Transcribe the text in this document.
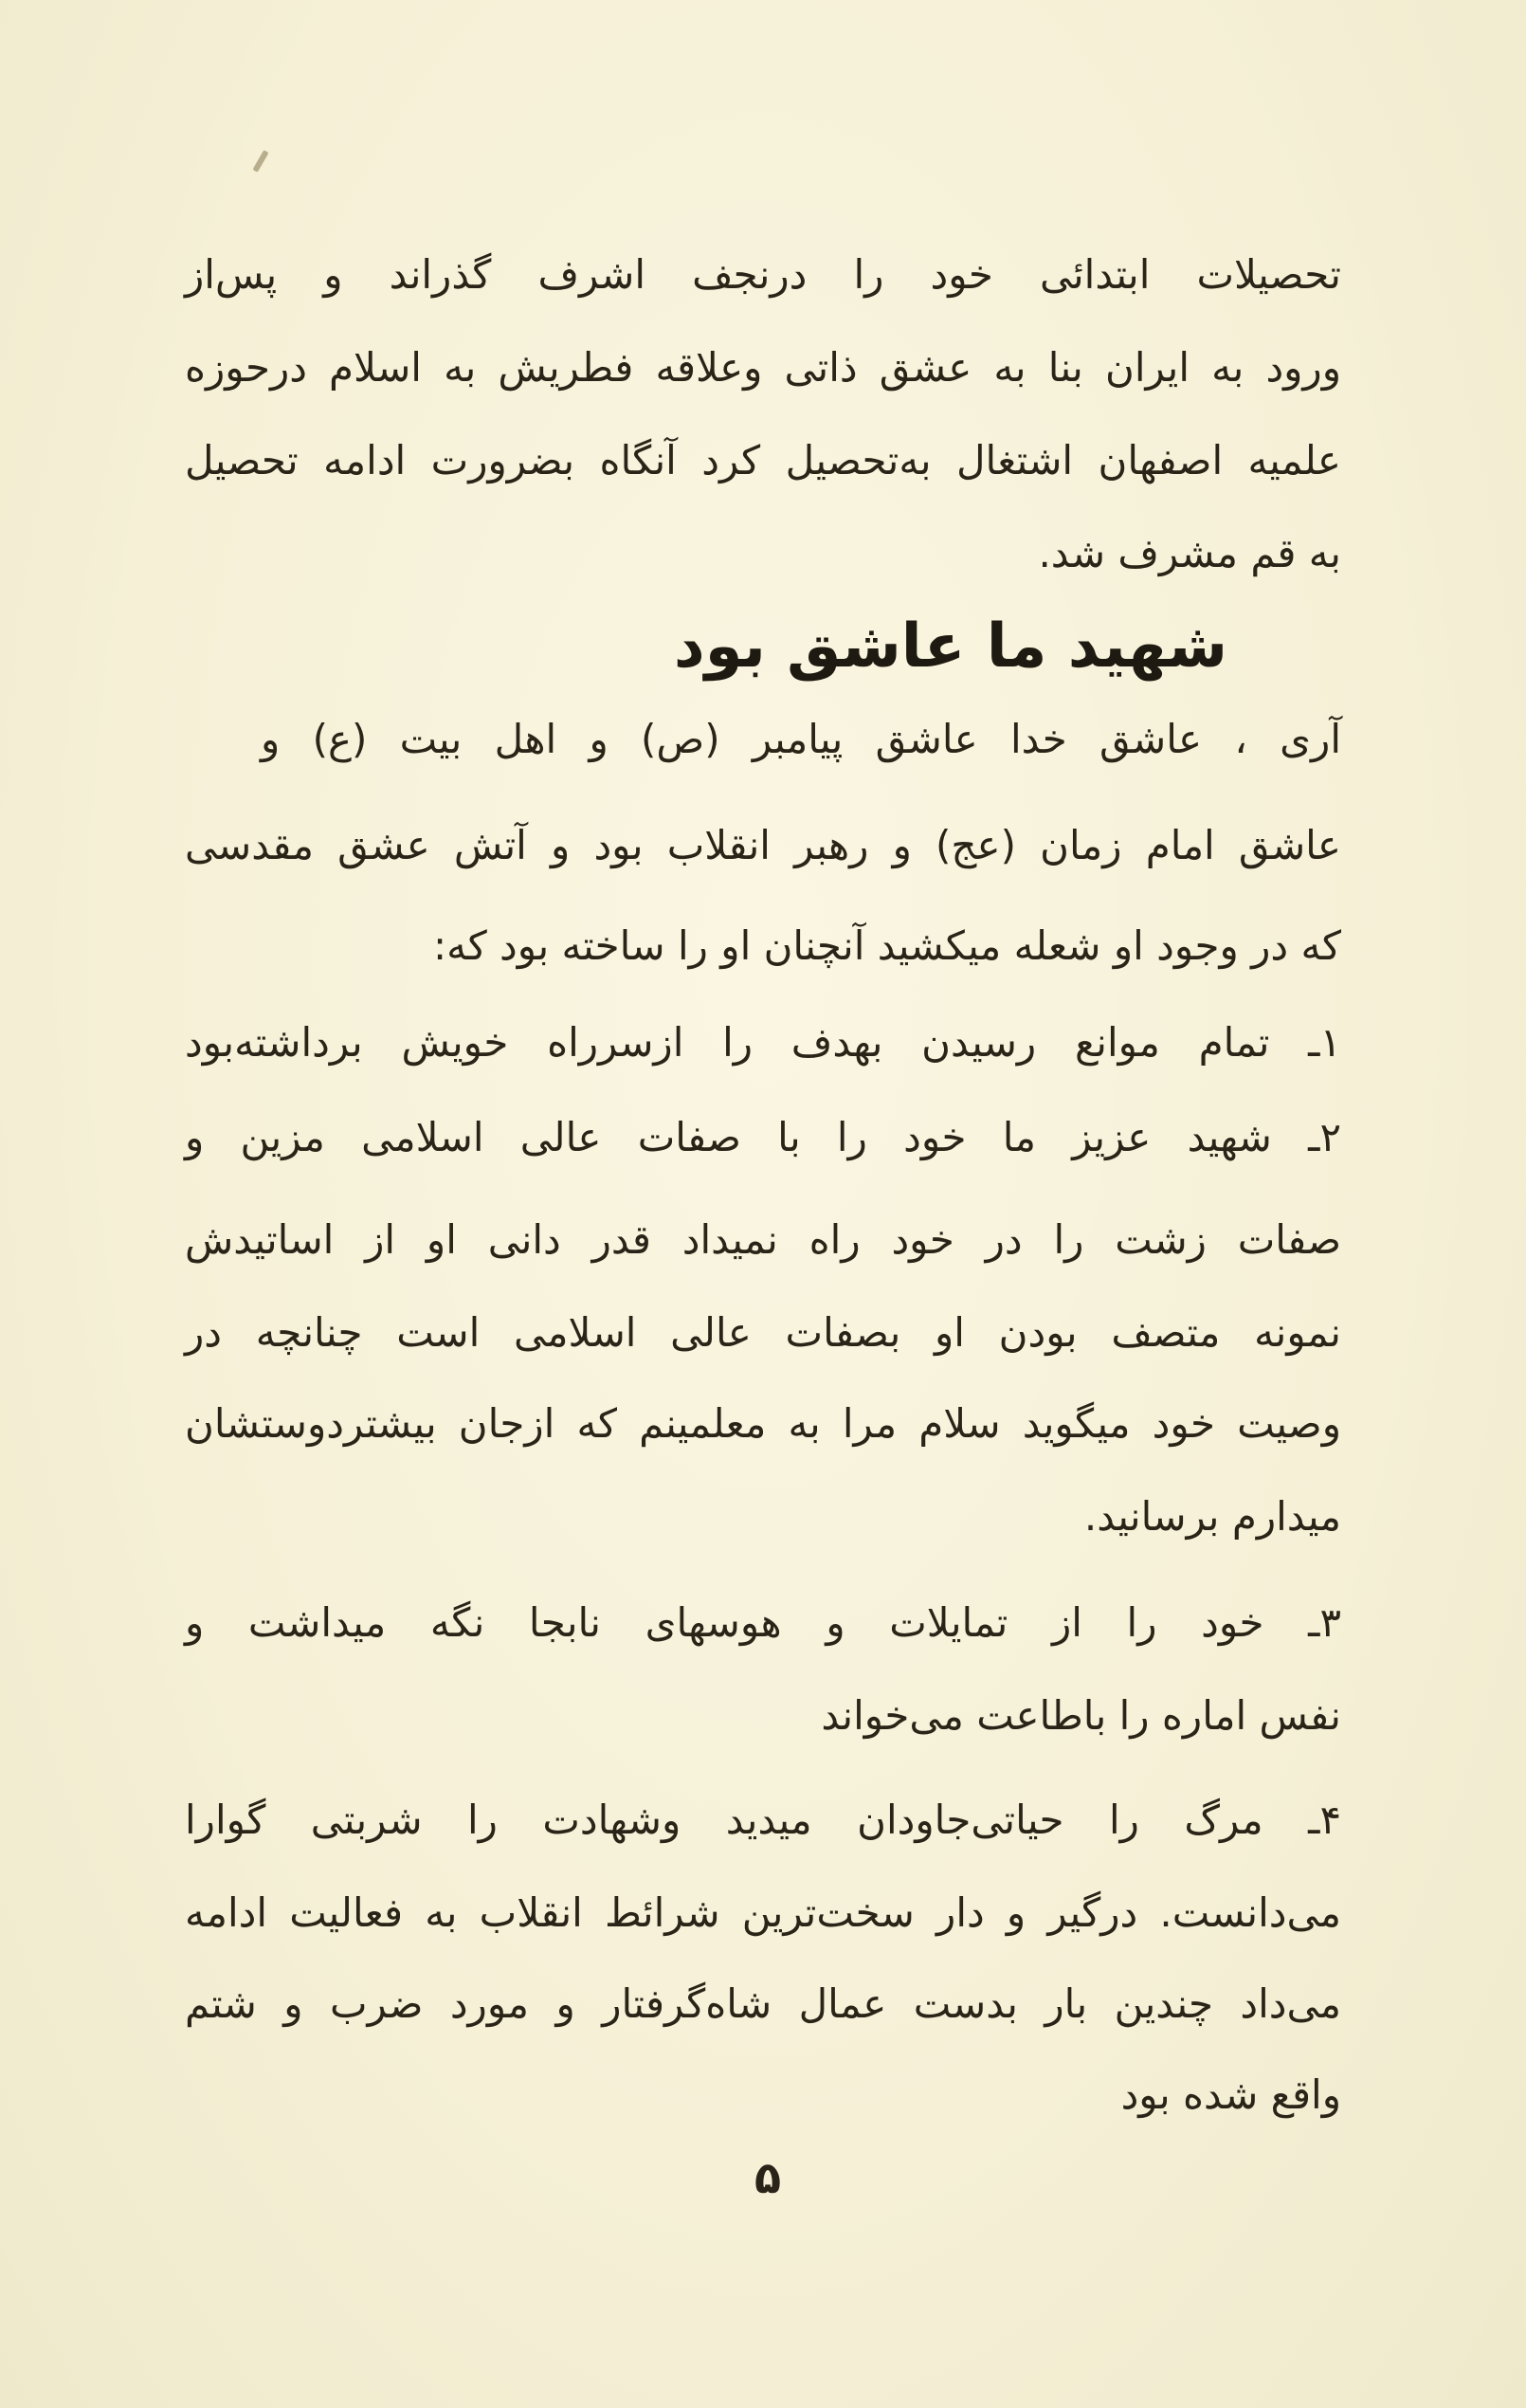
تحصیلات ابتدائی خود را درنجف اشرف گذراند و پس‌از
ورود به ایران بنا به عشق ذاتی وعلاقه فطریش به اسلام درحوزه
علمیه اصفهان اشتغال به‌تحصیل کرد آنگاه بضرورت ادامه تحصیل
به قم مشرف شد.
شهید ما عاشق بود
آری ، عاشق خدا عاشق پیامبر (ص) و اهل بیت (ع) و
عاشق امام زمان (عج) و رهبر انقلاب بود و آتش عشق مقدسی
که در وجود او شعله میکشید آنچنان او را ساخته بود که:
۱ـ تمام موانع رسیدن بهدف را ازسرراه خویش برداشته‌بود
۲ـ شهید عزیز ما خود را با صفات عالی اسلامی مزین و
صفات زشت را در خود راه نمیداد قدر دانی او از اساتیدش
نمونه متصف بودن او بصفات عالی اسلامی است چنانچه در
وصیت خود میگوید سلام مرا به معلمینم که ازجان بیشتردوستشان
میدارم برسانید.
۳ـ خود را از تمایلات و هوسهای نابجا نگه میداشت و
نفس اماره را باطاعت می‌خواند
۴ـ مرگ را حیاتی‌جاودان میدید وشهادت را شربتی گوارا
می‌دانست. درگیر و دار سخت‌ترین شرائط انقلاب به فعالیت ادامه
می‌داد چندین بار بدست عمال شاه‌گرفتار و مورد ضرب و شتم
واقع شده بود
۵
